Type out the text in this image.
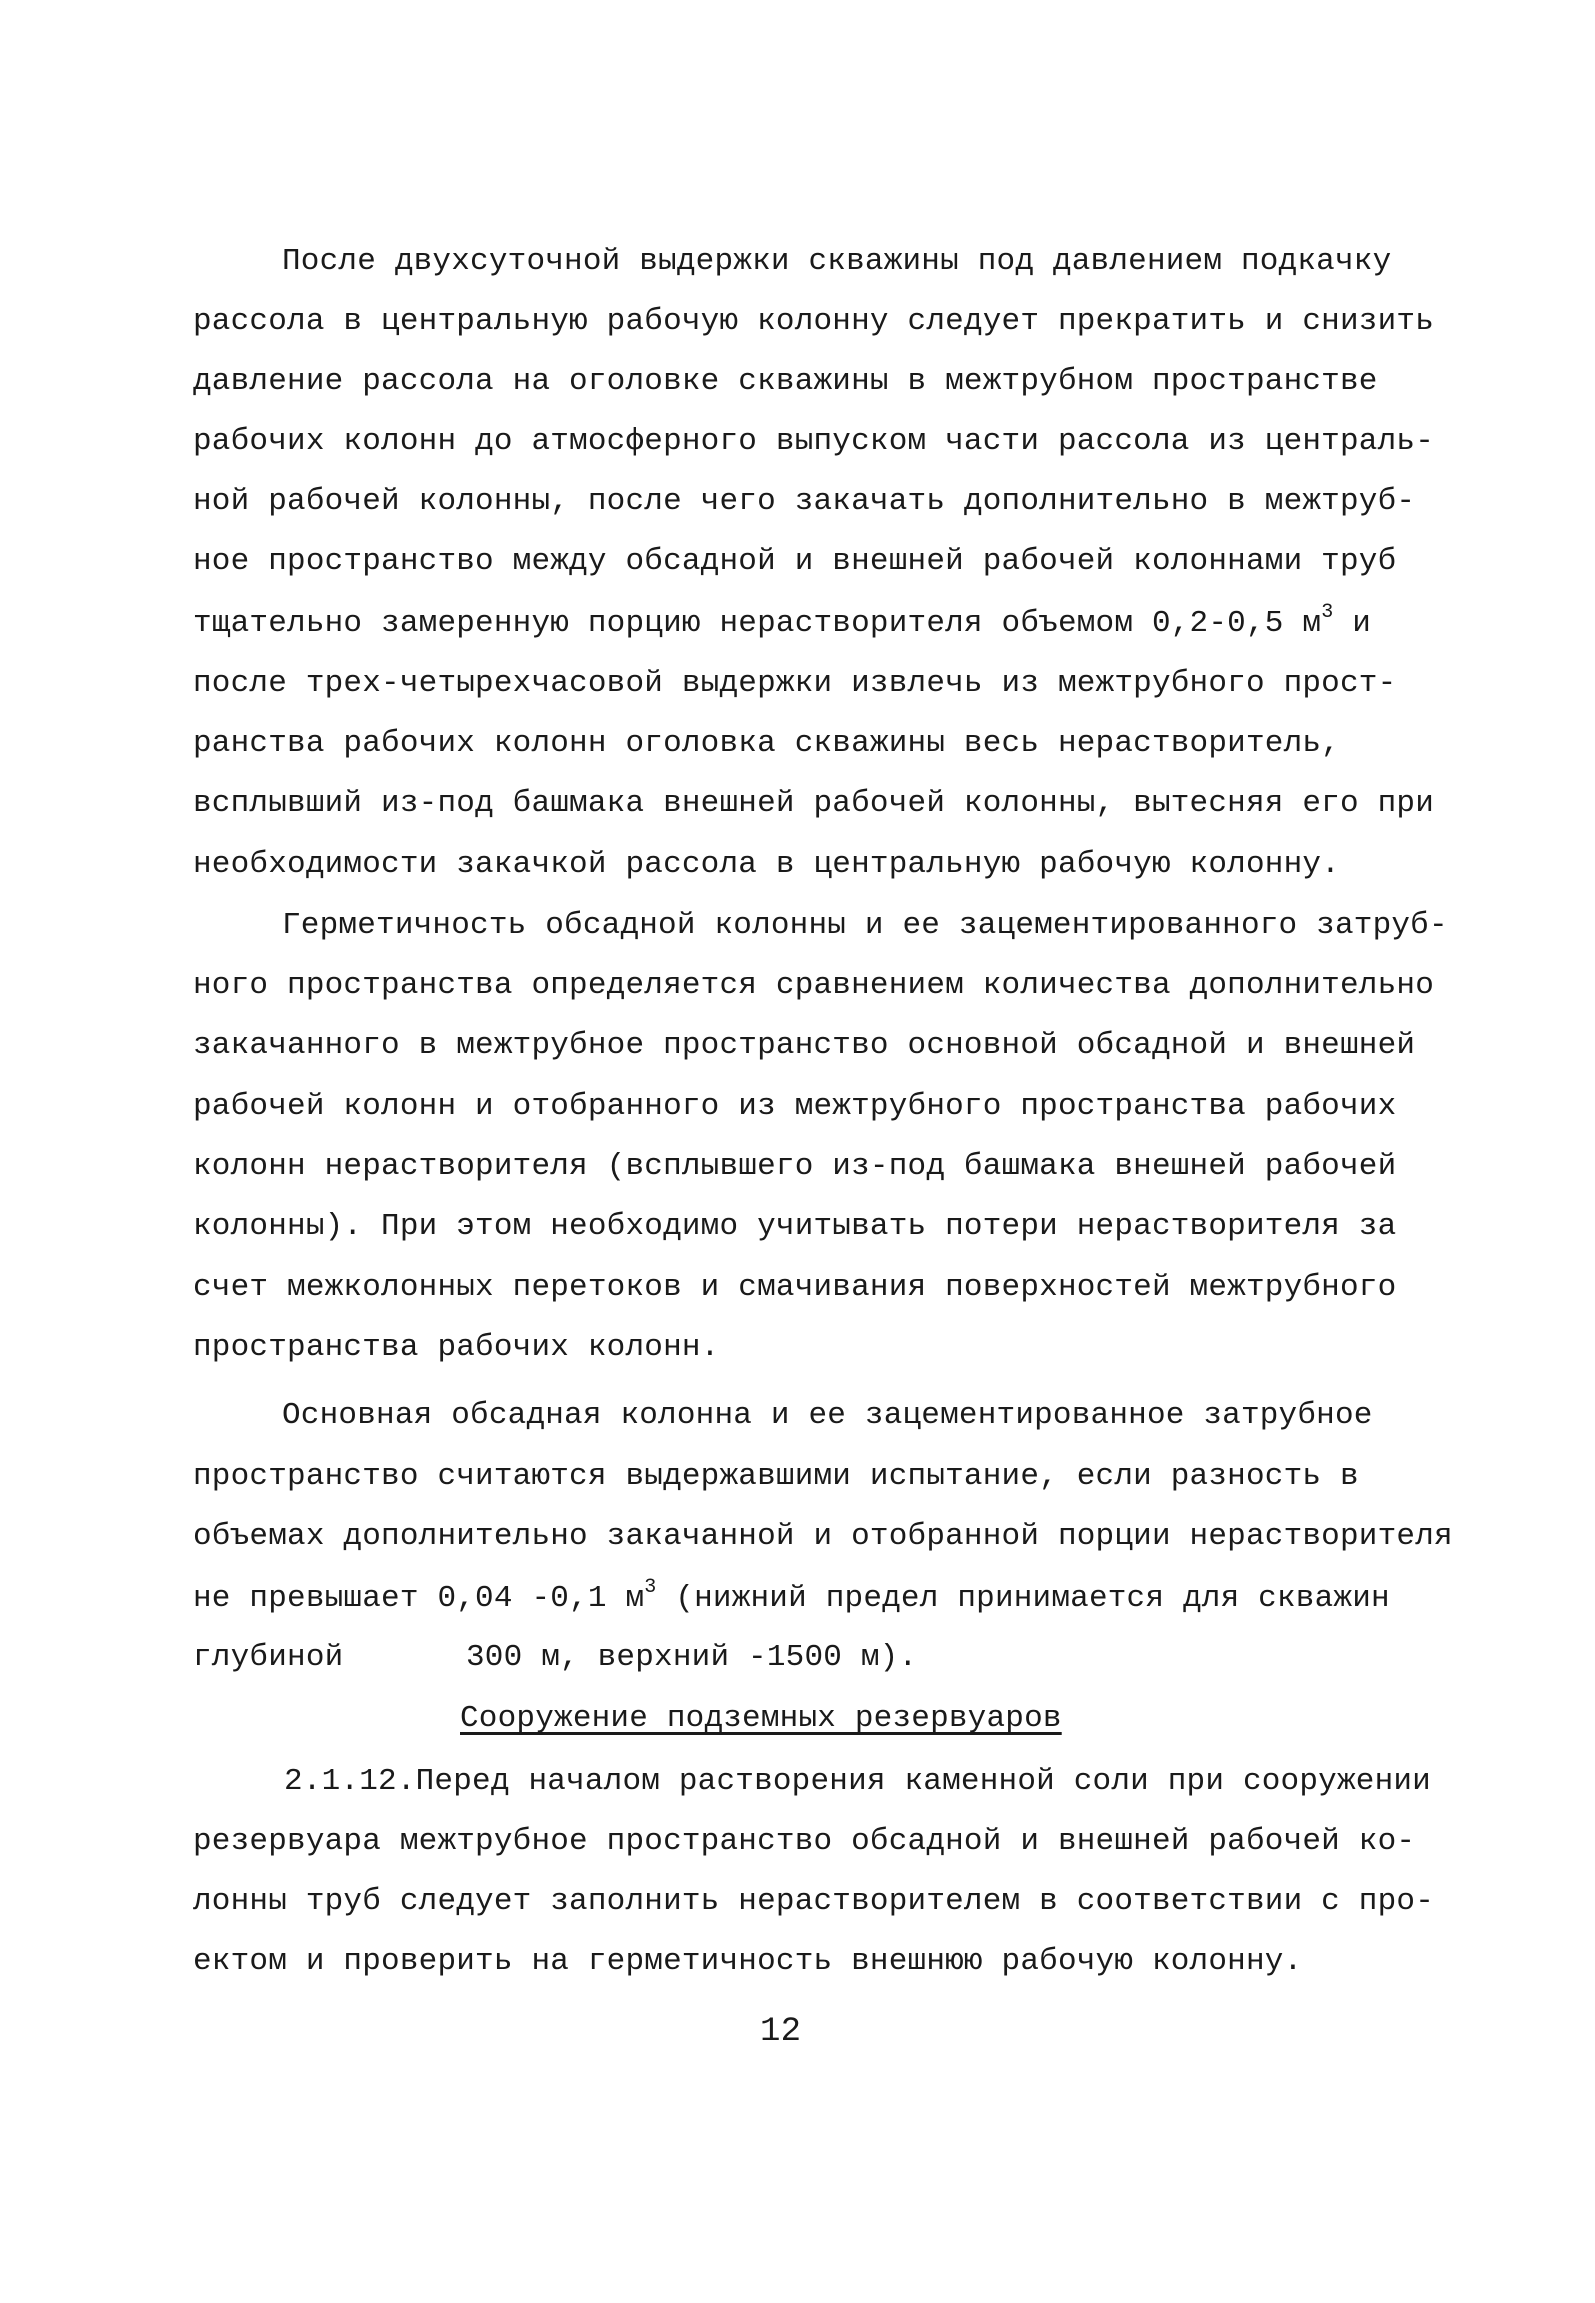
После двухсуточной выдержки скважины под давлением подкачку
рассола в центральную рабочую колонну следует прекратить и снизить
давление рассола на оголовке скважины в межтрубном пространстве
рабочих колонн до атмосферного выпуском части рассола из централь-
ной рабочей колонны, после чего закачать дополнительно в межтруб-
ное пространство между обсадной и внешней рабочей колоннами труб
тщательно замеренную порцию нерастворителя объемом 0,2-0,5 $м^3$ и
после трех-четырехчасовой выдержки извлечь из межтрубного прост-
ранства рабочих колонн оголовка скважины весь нерастворитель,
всплывший из-под башмака внешней рабочей колонны, вытесняя его при
необходимости закачкой рассола в центральную рабочую колонну.
Герметичность обсадной колонны и ее зацементированного затруб-
ного пространства определяется сравнением количества дополнительно
закачанного в межтрубное пространство основной обсадной и внешней
рабочей колонн и отобранного из межтрубного пространства рабочих
колонн нерастворителя (всплывшего из-под башмака внешней рабочей
колонны). При этом необходимо учитывать потери нерастворителя за
счет межколонных перетоков и смачивания поверхностей межтрубного
пространства рабочих колонн.
Основная обсадная колонна и ее зацементированное затрубное
пространство считаются выдержавшими испытание, если разность в
объемах дополнительно закачанной и отобранной порции нерастворителя
не превышает 0,04 -0,1 $м^3$ (нижний предел принимается для скважин
глубиной	300 м, верхний -1500 м).
Сооружение подземных резервуаров
2.1.12.Перед началом растворения каменной соли при сооружении
резервуара межтрубное пространство обсадной и внешней рабочей ко-
лонны труб следует заполнить нерастворителем в соответствии с про-
ектом и проверить на герметичность внешнюю рабочую колонну.
12
